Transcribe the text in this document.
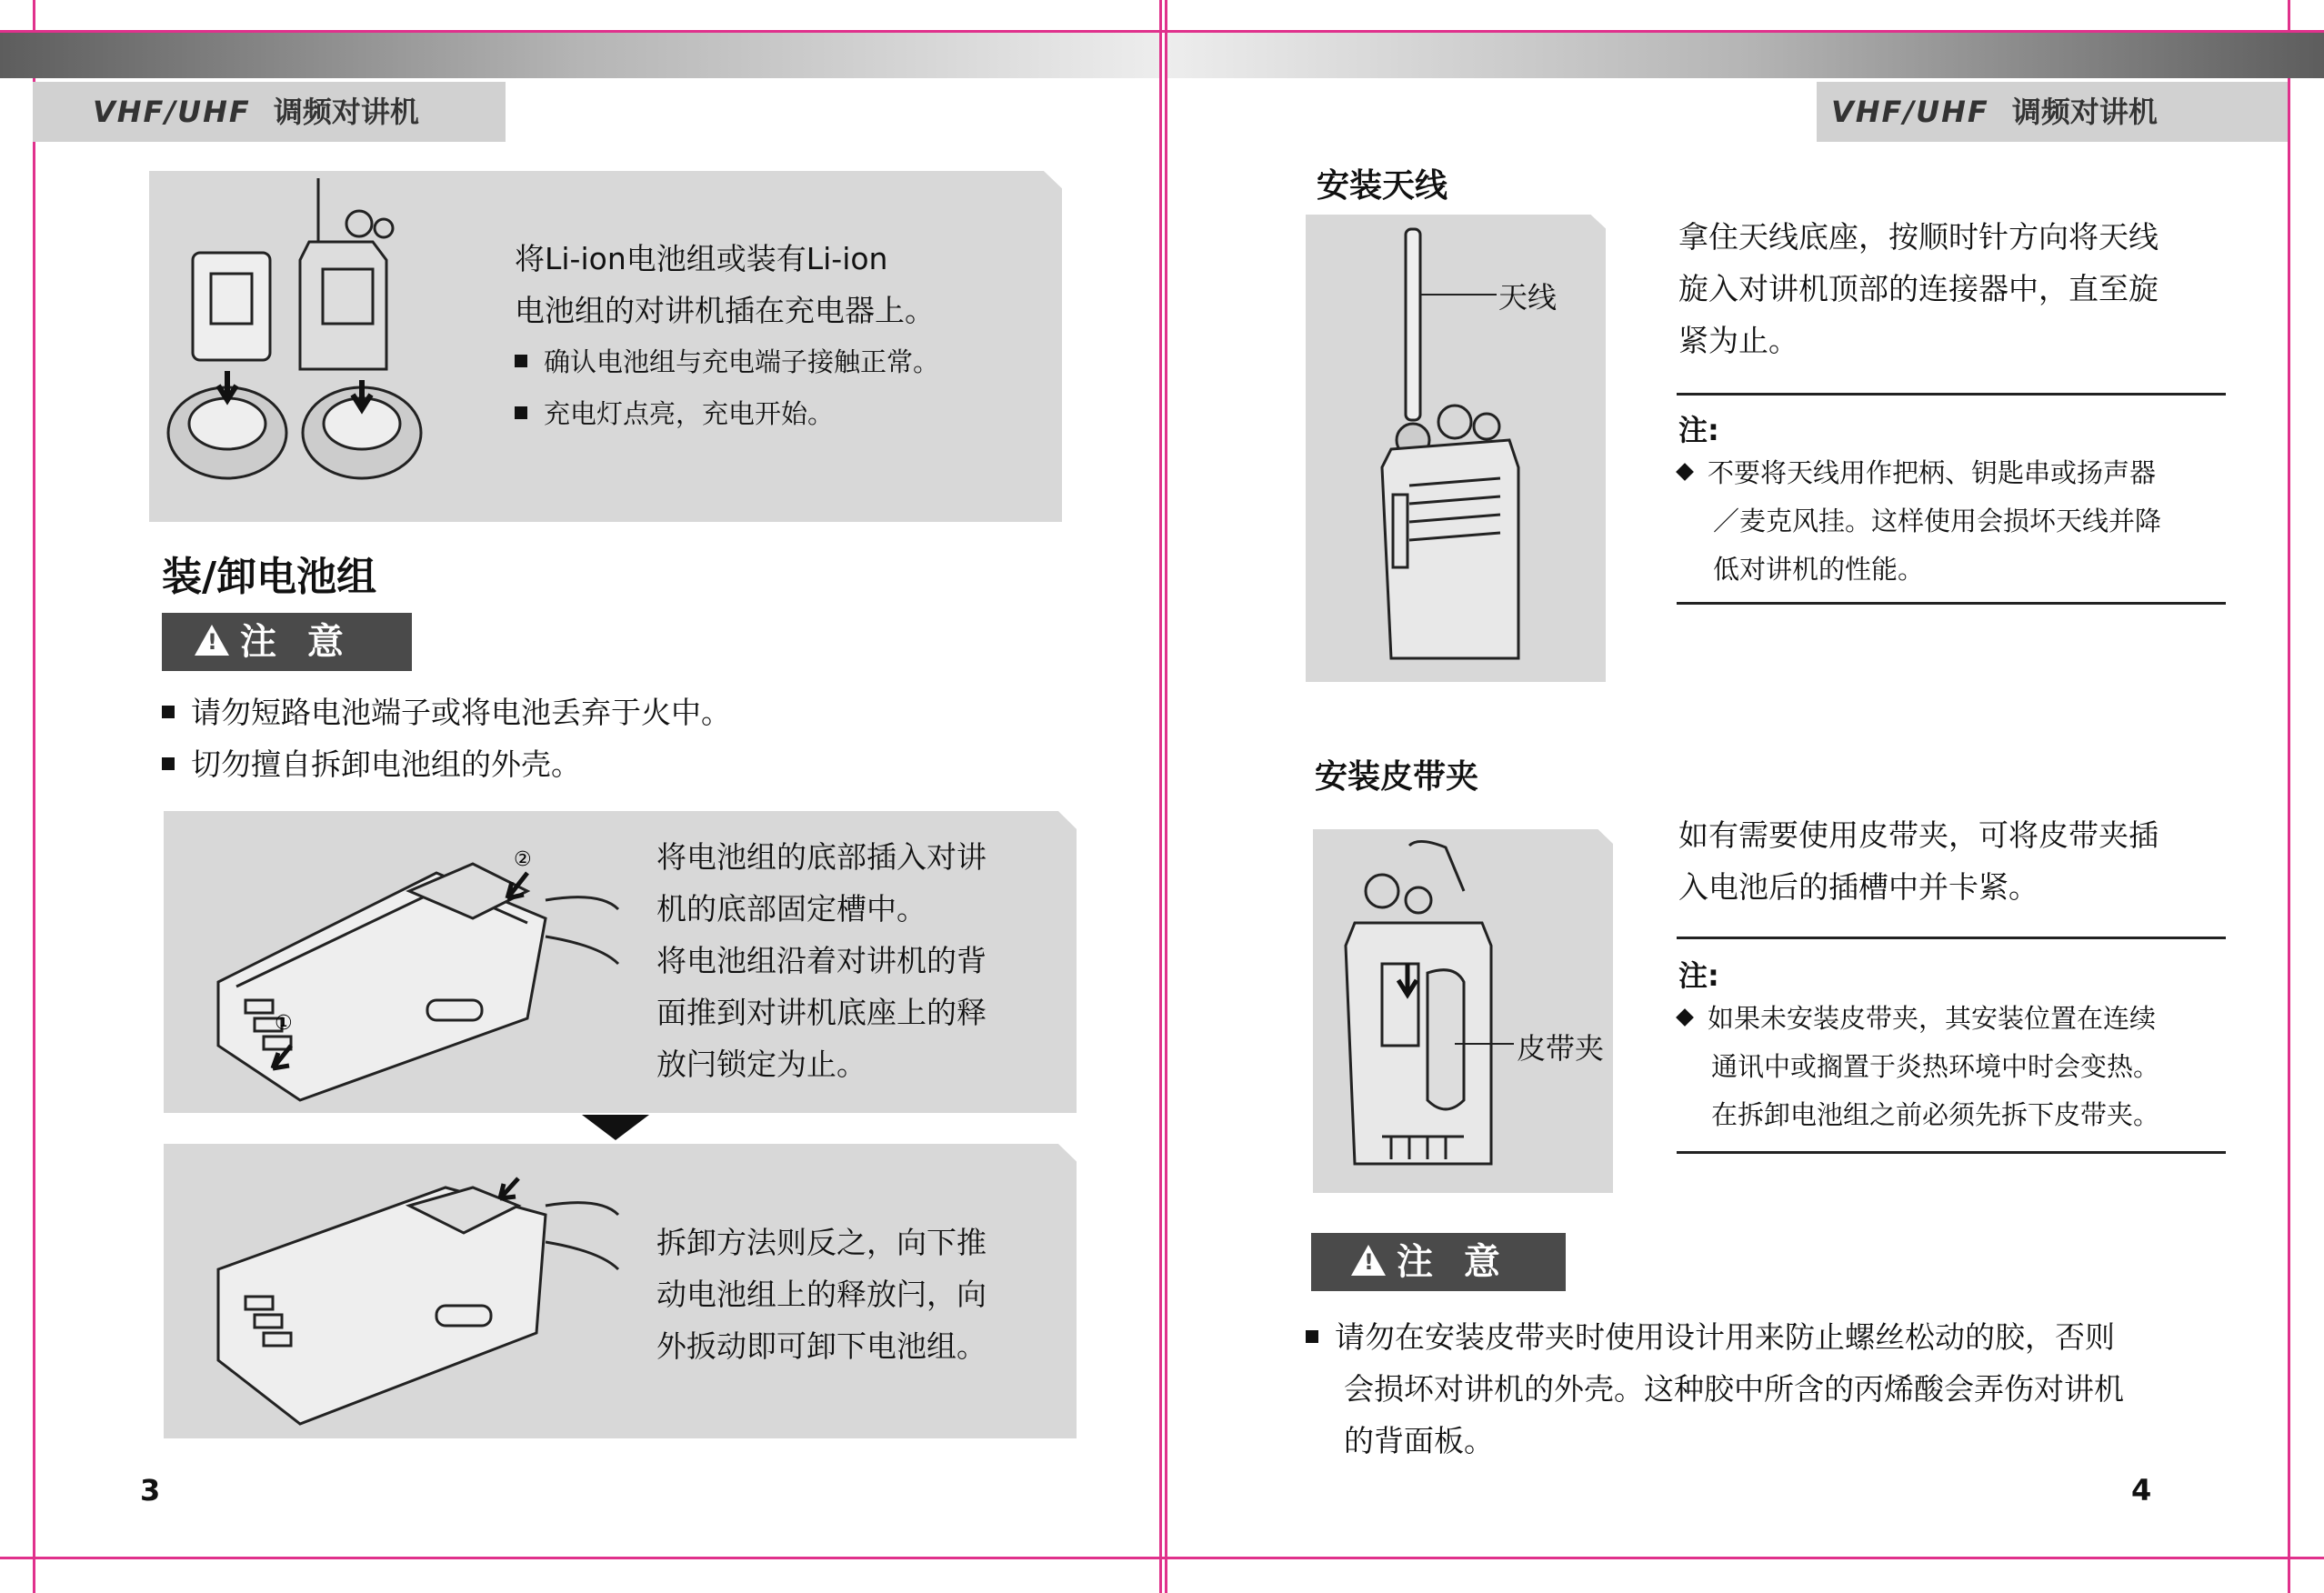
VHF/UHF 调频对讲机	VHF/UHF 调频对讲机

将Li-ion电池组或装有Li-ion

电池组的对讲机插在充电器上。

确认电池组与充电端子接触正常。

充电灯点亮，充电开始。

装/卸电池组
!注 意

请勿短路电池端子或将电池丢弃于火中。

切勿擅自拆卸电池组的外壳。

①
②	将电池组的底部插入对讲

机的底部固定槽中。

将电池组沿着对讲机的背

面推到对讲机底座上的释

放闩锁定为止。

拆卸方法则反之，向下推

动电池组上的释放闩，向

外扳动即可卸下电池组。

3
安装天线
天线

拿住天线底座，按顺时针方向将天线

旋入对讲机顶部的连接器中，直至旋

紧为止。

注:

不要将天线用作把柄、钥匙串或扬声器

／麦克风挂。这样使用会损坏天线并降

低对讲机的性能。

安装皮带夹
皮带夹

如有需要使用皮带夹，可将皮带夹插

入电池后的插槽中并卡紧。

注:

如果未安装皮带夹，其安装位置在连续

通讯中或搁置于炎热环境中时会变热。

在拆卸电池组之前必须先拆下皮带夹。

!注 意

请勿在安装皮带夹时使用设计用来防止螺丝松动的胶，否则

会损坏对讲机的外壳。这种胶中所含的丙烯酸会弄伤对讲机

的背面板。

4
